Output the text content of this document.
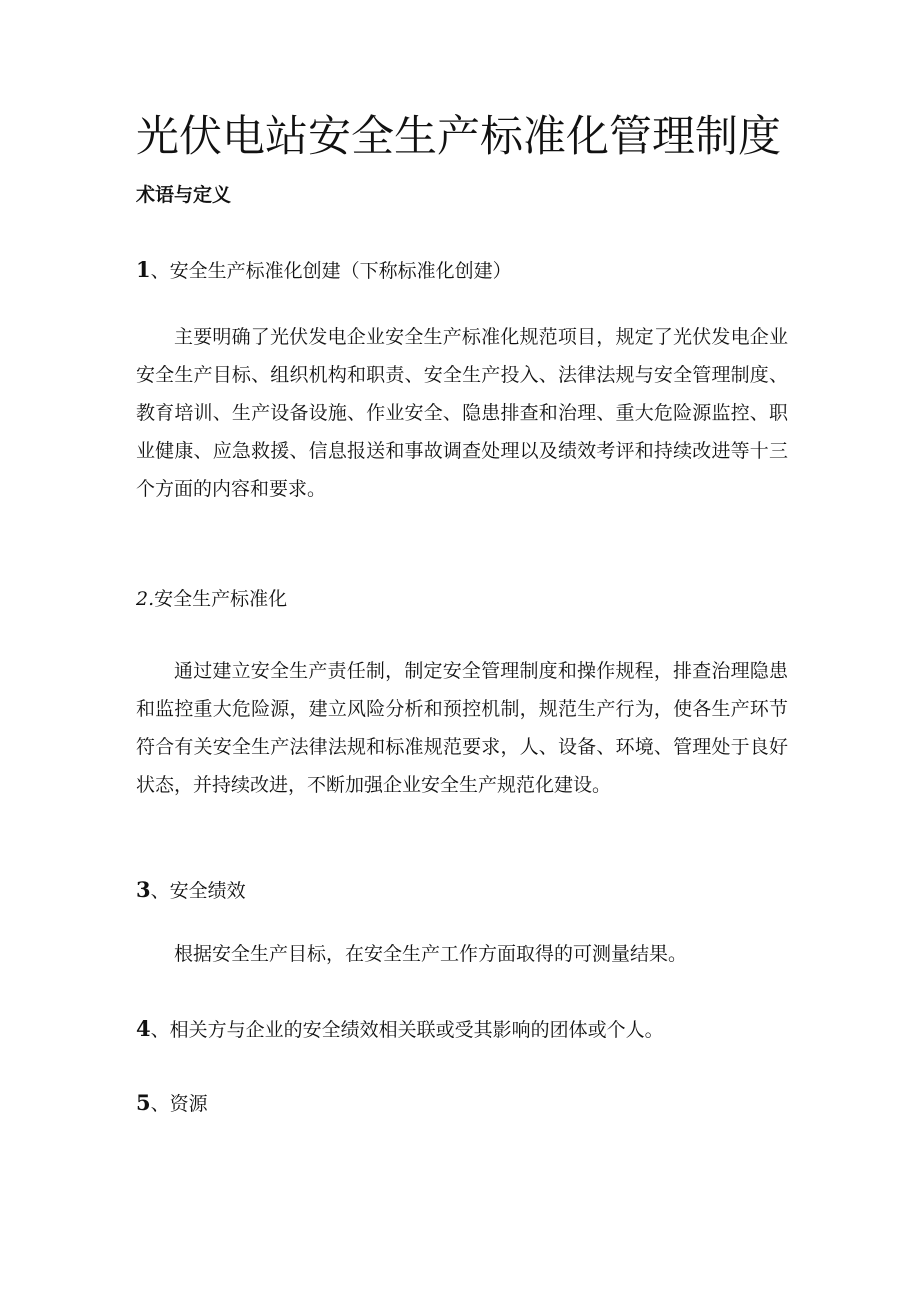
光伏电站安全生产标准化管理制度
术语与定义
1、安全生产标准化创建（下称标准化创建）

主要明确了光伏发电企业安全生产标准化规范项目，规定了光伏发电企业安全生产目标、组织机构和职责、安全生产投入、法律法规与安全管理制度、教育培训、生产设备设施、作业安全、隐患排查和治理、重大危险源监控、职业健康、应急救援、信息报送和事故调查处理以及绩效考评和持续改进等十三个方面的内容和要求。

2.安全生产标准化

通过建立安全生产责任制，制定安全管理制度和操作规程，排查治理隐患和监控重大危险源，建立风险分析和预控机制，规范生产行为，使各生产环节符合有关安全生产法律法规和标准规范要求，人、设备、环境、管理处于良好状态，并持续改进，不断加强企业安全生产规范化建设。

3、安全绩效

根据安全生产目标，在安全生产工作方面取得的可测量结果。

4、相关方与企业的安全绩效相关联或受其影响的团体或个人。
5、资源
